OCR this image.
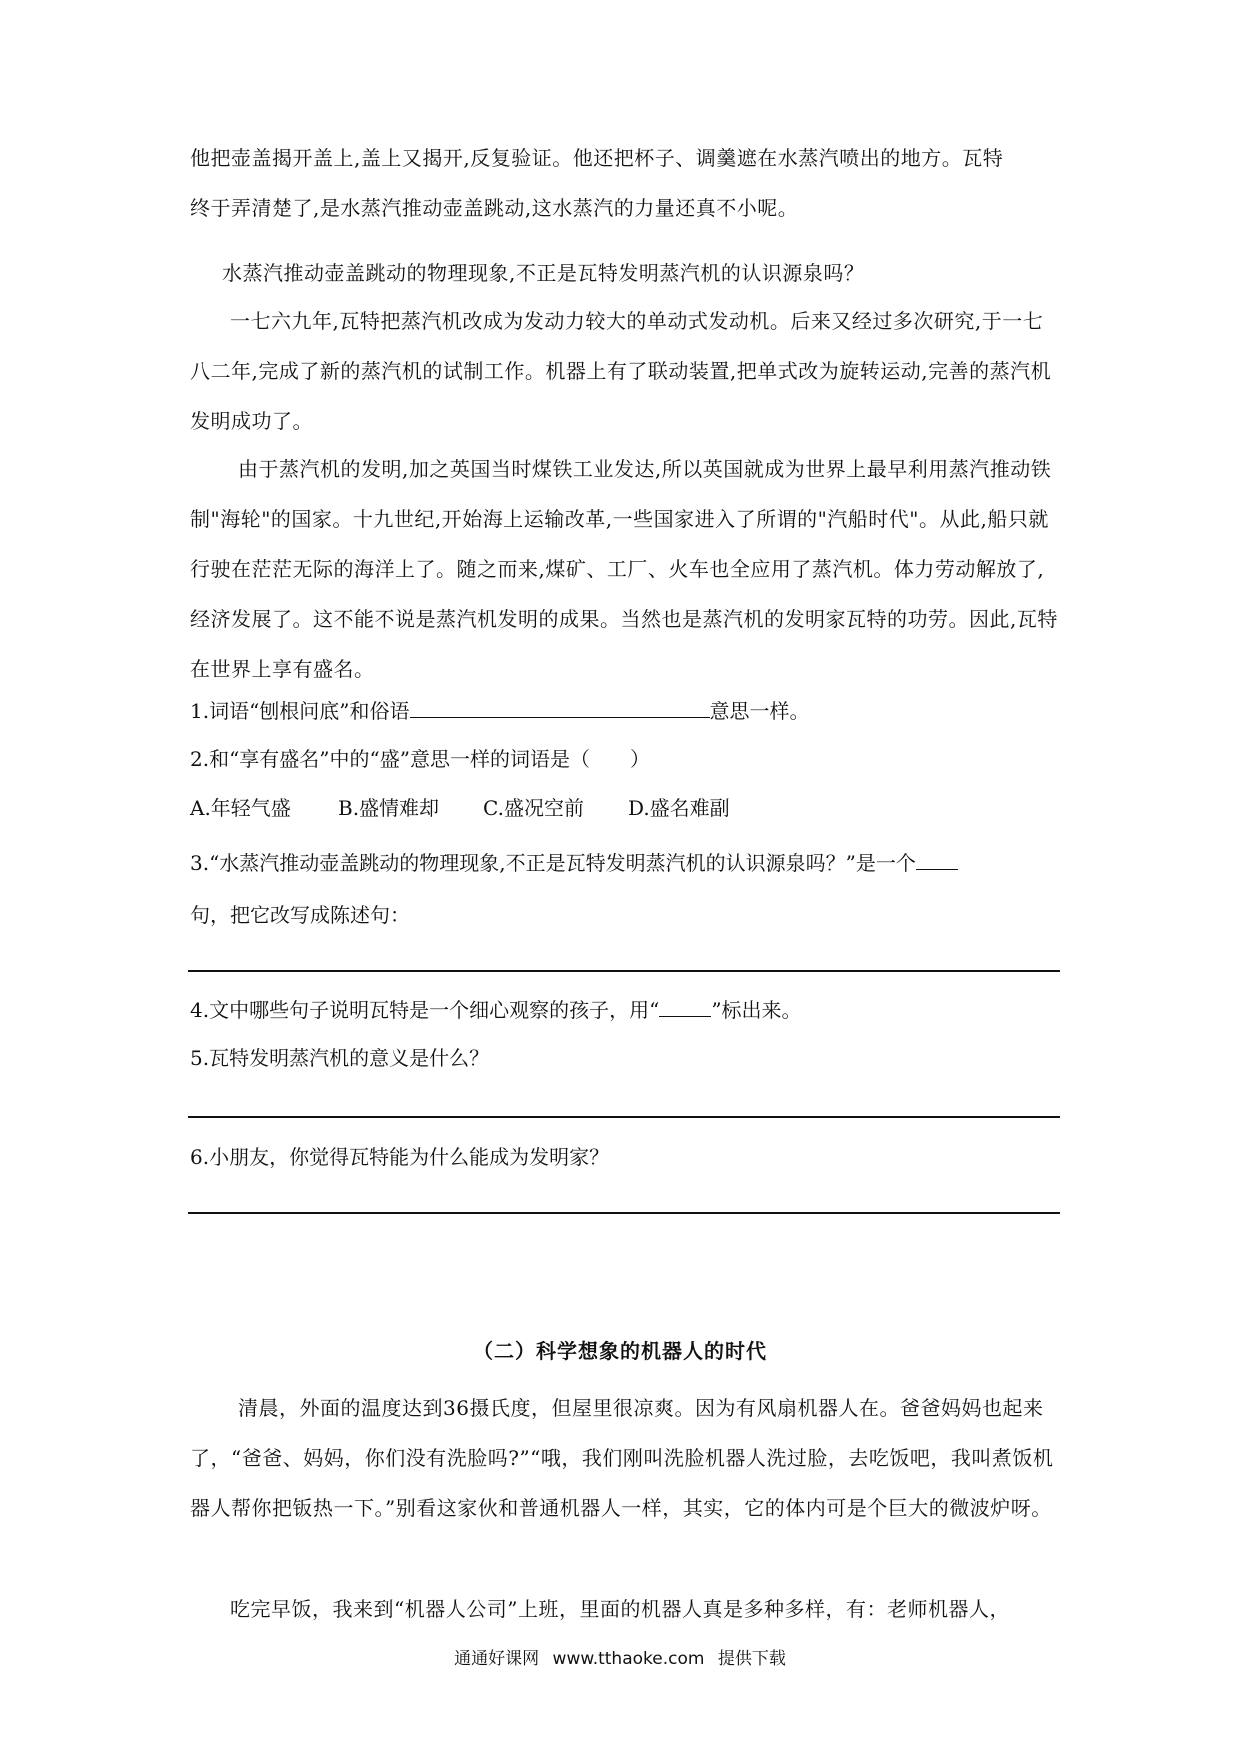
他把壶盖揭开盖上,盖上又揭开,反复验证。他还把杯子、调羹遮在水蒸汽喷出的地方。瓦特
终于弄清楚了,是水蒸汽推动壶盖跳动,这水蒸汽的力量还真不小呢。

水蒸汽推动壶盖跳动的物理现象,不正是瓦特发明蒸汽机的认识源泉吗？

一七六九年,瓦特把蒸汽机改成为发动力较大的单动式发动机。后来又经过多次研究,于一七八二年,完成了新的蒸汽机的试制工作。机器上有了联动装置,把单式改为旋转运动,完善的蒸汽机发明成功了。

由于蒸汽机的发明,加之英国当时煤铁工业发达,所以英国就成为世界上最早利用蒸汽推动铁制"海轮"的国家。十九世纪,开始海上运输改革,一些国家进入了所谓的"汽船时代"。从此,船只就行驶在茫茫无际的海洋上了。随之而来,煤矿、工厂、火车也全应用了蒸汽机。体力劳动解放了,经济发展了。这不能不说是蒸汽机发明的成果。当然也是蒸汽机的发明家瓦特的功劳。因此,瓦特在世界上享有盛名。

1.词语“刨根问底”和俗语	意思一样。
2.和“享有盛名”中的“盛”意思一样的词语是（　　）
A.年轻气盛 B.盛情难却 C.盛况空前 D.盛名难副
3.“水蒸汽推动壶盖跳动的物理现象,不正是瓦特发明蒸汽机的认识源泉吗？”是一个
句，把它改写成陈述句：
4.文中哪些句子说明瓦特是一个细心观察的孩子，用“	”标出来。
5.瓦特发明蒸汽机的意义是什么？
6.小朋友，你觉得瓦特能为什么能成为发明家？
（二）科学想象的机器人的时代

清晨，外面的温度达到36摄氏度，但屋里很凉爽。因为有风扇机器人在。爸爸妈妈也起来了，“爸爸、妈妈，你们没有洗脸吗?”“哦，我们刚叫洗脸机器人洗过脸，去吃饭吧，我叫煮饭机器人帮你把钣热一下。”别看这家伙和普通机器人一样，其实，它的体内可是个巨大的微波炉呀。

吃完早饭，我来到“机器人公司”上班，里面的机器人真是多种多样，有：老师机器人，

通通好课网 www.tthaoke.com 提供下载
